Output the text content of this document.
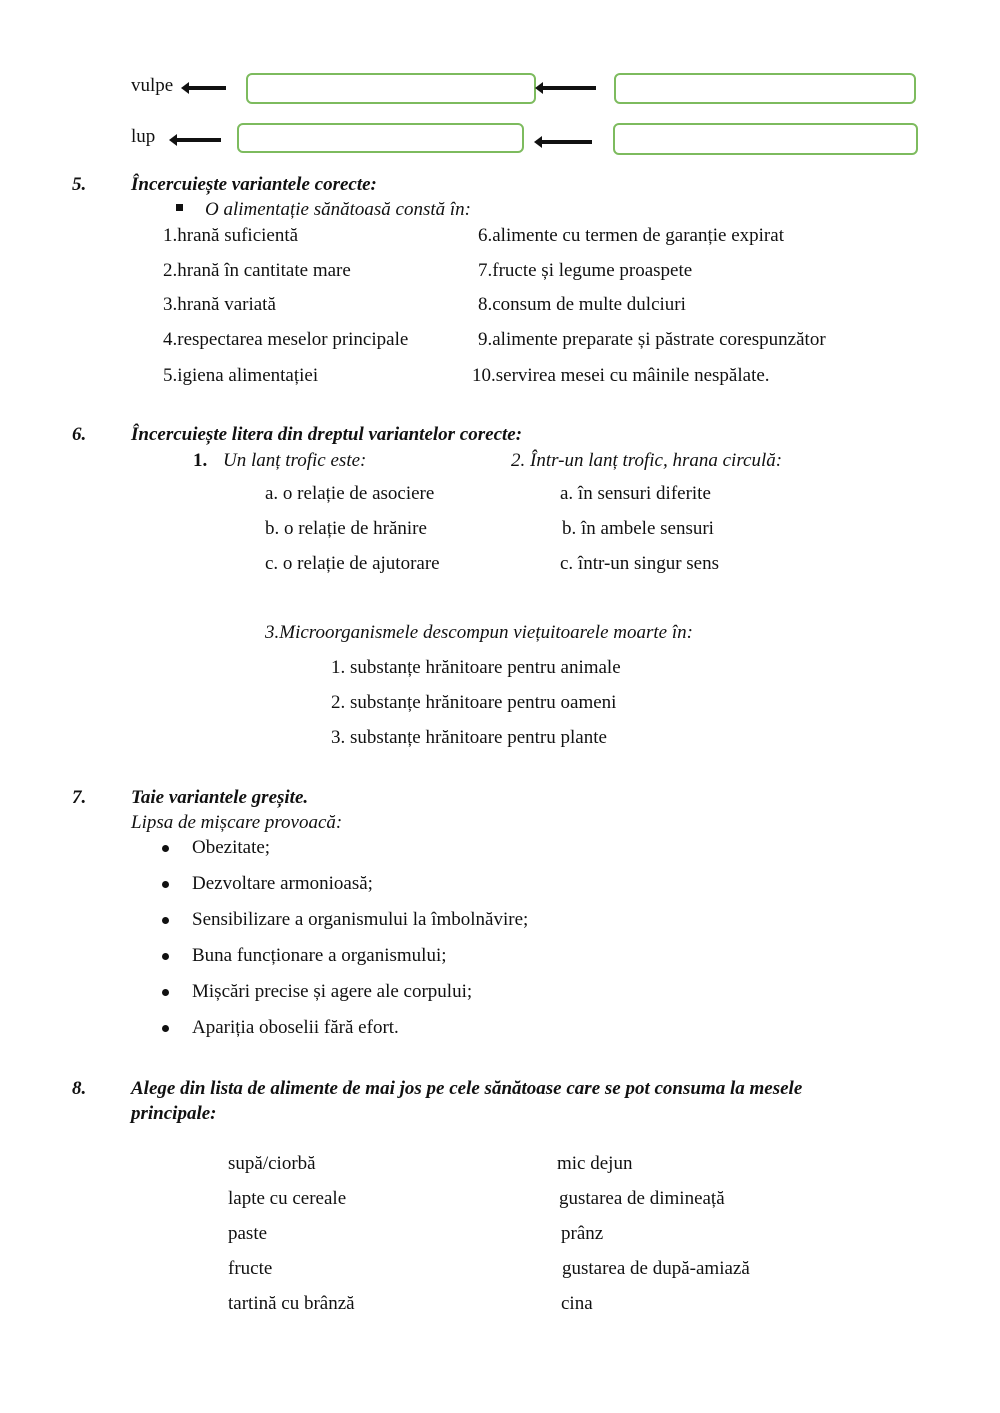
vulpe
lup
5. Încercuiește variantele corecte:
O alimentație sănătoasă constă în:
1.hrană suficientă
2.hrană în cantitate mare
3.hrană variată
4.respectarea meselor principale
5.igiena alimentației
6.alimente cu termen de garanție expirat
7.fructe și legume proaspete
8.consum de multe dulciuri
9.alimente preparate și păstrate corespunzător
10.servirea mesei cu mâinile nespălate.
6. Încercuiește litera din dreptul variantelor corecte:
1. Un lanț trofic este:	2. Într-un lanț trofic, hrana circulă:
a. o relație de asociere
b. o relație de hrănire
c. o relație de ajutorare
a. în sensuri diferite
b. în ambele sensuri
c. într-un singur sens
3.Microorganismele descompun viețuitoarele moarte în:
1. substanțe hrănitoare pentru animale
2. substanțe hrănitoare pentru oameni
3. substanțe hrănitoare pentru plante
7. Taie variantele greșite.
Lipsa de mișcare provoacă:
Obezitate;
Dezvoltare armonioasă;
Sensibilizare a organismului la îmbolnăvire;
Buna funcționare a organismului;
Mișcări precise și agere ale corpului;
Apariția oboselii fără efort.
8. Alege din lista de alimente de mai jos pe cele sănătoase care se pot consuma la mesele
principale:
supă/ciorbă
lapte cu cereale
paste
fructe
tartină cu brânză
mic dejun
gustarea de dimineață
prânz
gustarea de după-amiază
cina
